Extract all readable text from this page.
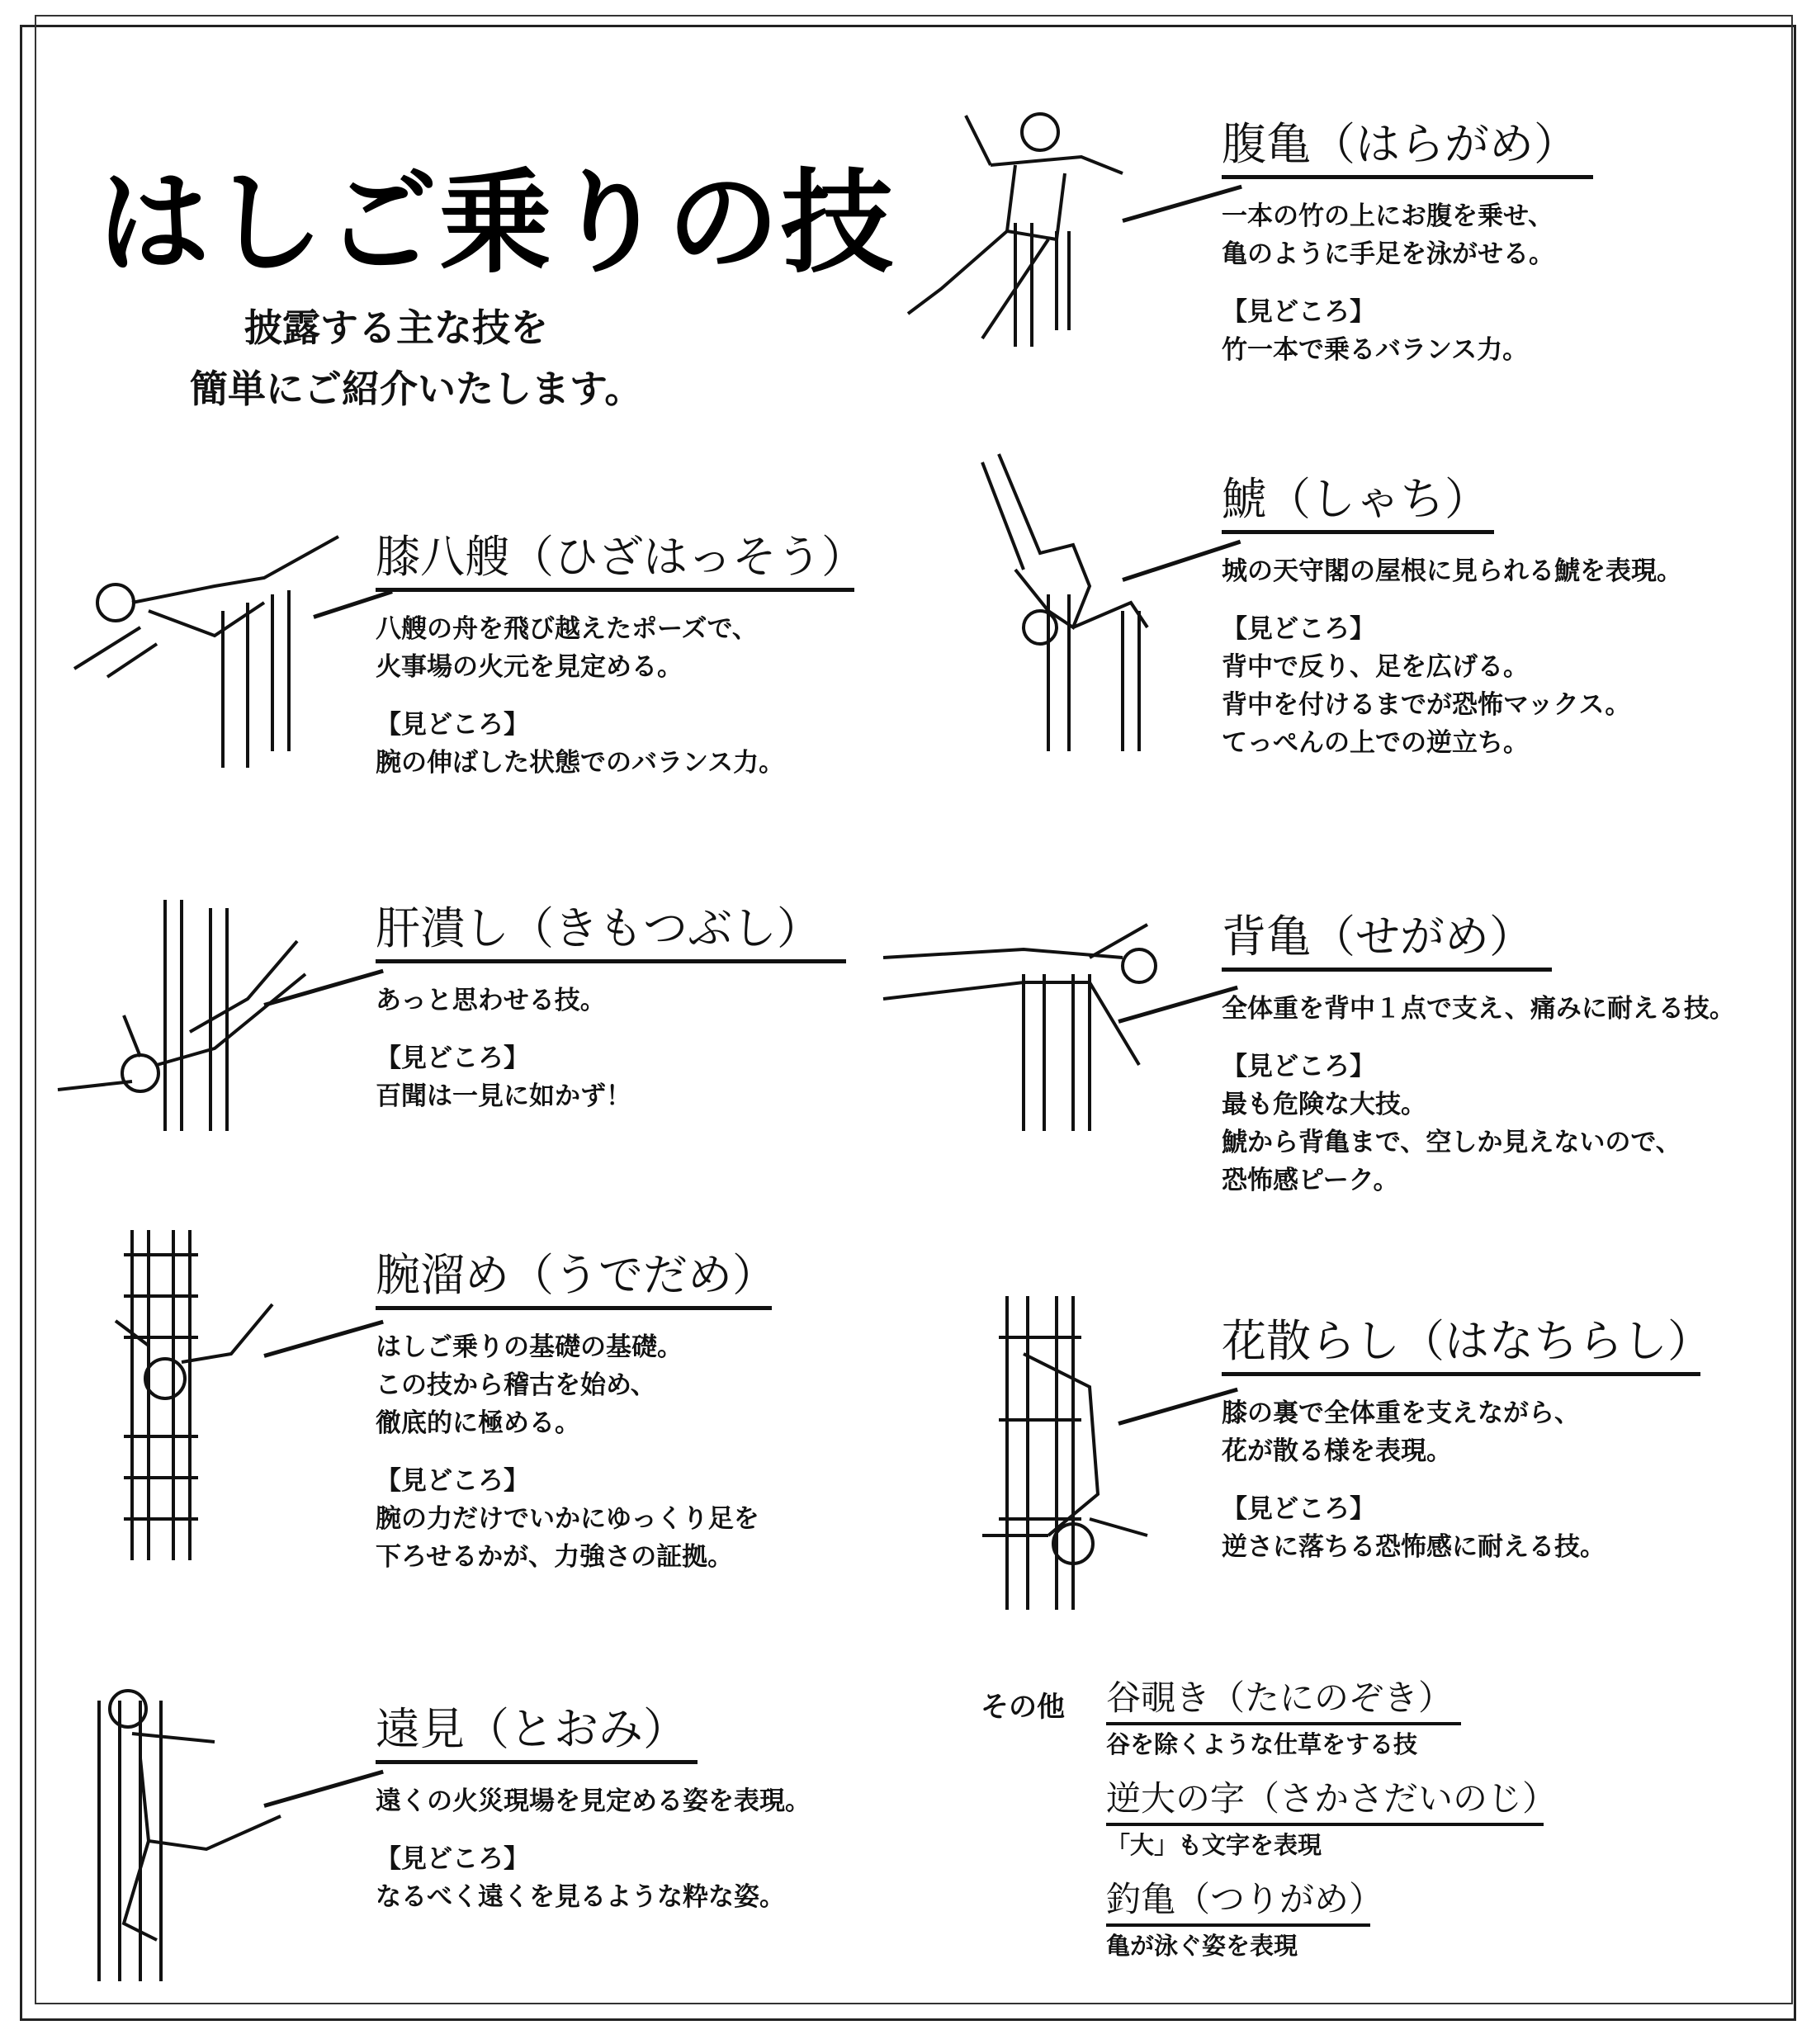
はしご乗りの技
披露する主な技を
簡単にご紹介いたします。
腹亀（はらがめ）
一本の竹の上にお腹を乗せ、
亀のように手足を泳がせる。
【見どころ】
竹一本で乗るバランス力。
鯱（しゃち）
城の天守閣の屋根に見られる鯱を表現。
【見どころ】
背中で反り、足を広げる。
背中を付けるまでが恐怖マックス。
てっぺんの上での逆立ち。
背亀（せがめ）
全体重を背中１点で支え、痛みに耐える技。
【見どころ】
最も危険な大技。
鯱から背亀まで、空しか見えないので、
恐怖感ピーク。
花散らし（はなちらし）
膝の裏で全体重を支えながら、
花が散る様を表現。
【見どころ】
逆さに落ちる恐怖感に耐える技。
膝八艘（ひざはっそう）
八艘の舟を飛び越えたポーズで、
火事場の火元を見定める。
【見どころ】
腕の伸ばした状態でのバランス力。
肝潰し（きもつぶし）
あっと思わせる技。
【見どころ】
百聞は一見に如かず！
腕溜め（うでだめ）
はしご乗りの基礎の基礎。
この技から稽古を始め、
徹底的に極める。
【見どころ】
腕の力だけでいかにゆっくり足を
下ろせるかが、力強さの証拠。
遠見（とおみ）
遠くの火災現場を見定める姿を表現。
【見どころ】
なるべく遠くを見るような粋な姿。
その他 谷覗き（たにのぞき）
谷を除くような仕草をする技
逆大の字（さかさだいのじ）
「大」も文字を表現
釣亀（つりがめ）
亀が泳ぐ姿を表現
